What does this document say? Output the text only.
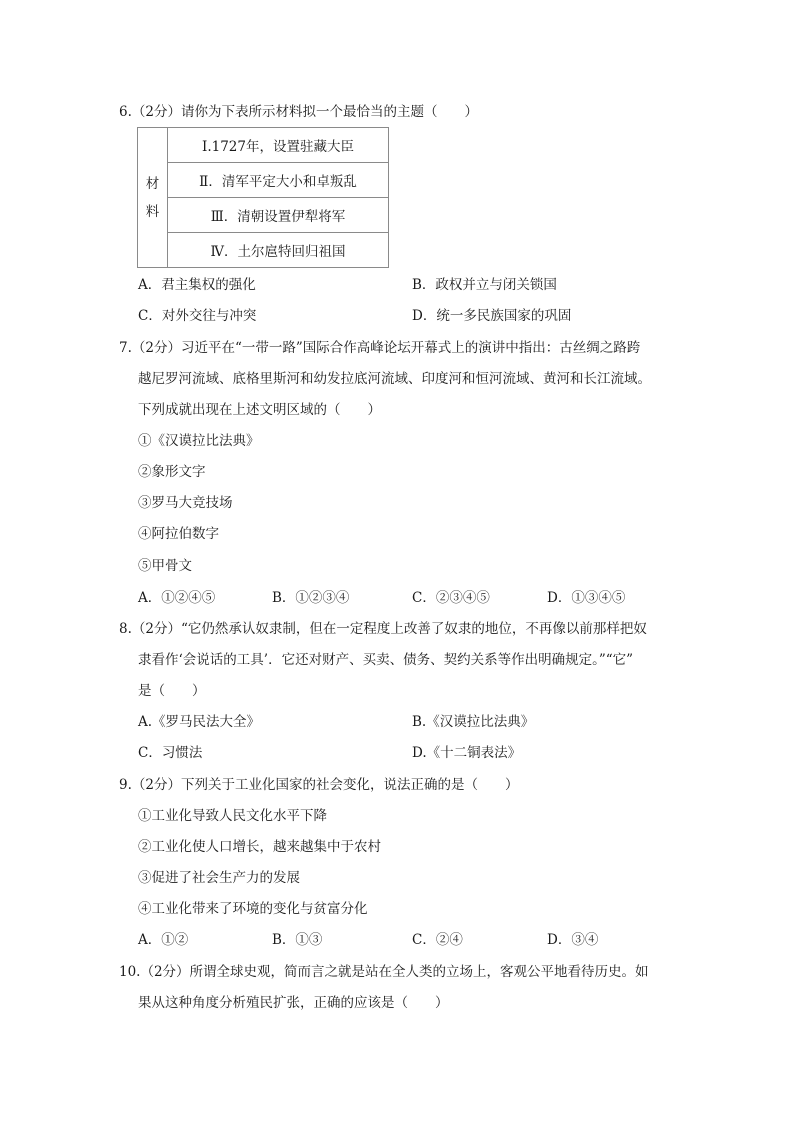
6.（2分）请你为下表所示材料拟一个最恰当的主题（　　）
材
料
	Ⅰ.1727年，设置驻藏大臣
Ⅱ．清军平定大小和卓叛乱
Ⅲ．清朝设置伊犁将军
Ⅳ．土尔扈特回归祖国
A．君主集权的强化	B．政权并立与闭关锁国
C．对外交往与冲突	D．统一多民族国家的巩固
7.（2分）习近平在“一带一路”国际合作高峰论坛开幕式上的演讲中指出：古丝绸之路跨
越尼罗河流域、底格里斯河和幼发拉底河流域、印度河和恒河流域、黄河和长江流域。
下列成就出现在上述文明区域的（　　）
①《汉谟拉比法典》
②象形文字
③罗马大竞技场
④阿拉伯数字
⑤甲骨文
A．①②④⑤	B．①②③④	C．②③④⑤	D．①③④⑤
8.（2分）“它仍然承认奴隶制，但在一定程度上改善了奴隶的地位，不再像以前那样把奴
隶看作‘会说话的工具’．它还对财产、买卖、债务、契约关系等作出明确规定。”“它”
是（　　）
A.《罗马民法大全》	B.《汉谟拉比法典》
C．习惯法	D.《十二铜表法》
9.（2分）下列关于工业化国家的社会变化，说法正确的是（　　）
①工业化导致人民文化水平下降
②工业化使人口增长，越来越集中于农村
③促进了社会生产力的发展
④工业化带来了环境的变化与贫富分化
A．①②	B．①③	C．②④	D．③④
10.（2分）所谓全球史观，简而言之就是站在全人类的立场上，客观公平地看待历史。如
果从这种角度分析殖民扩张，正确的应该是（　　）
